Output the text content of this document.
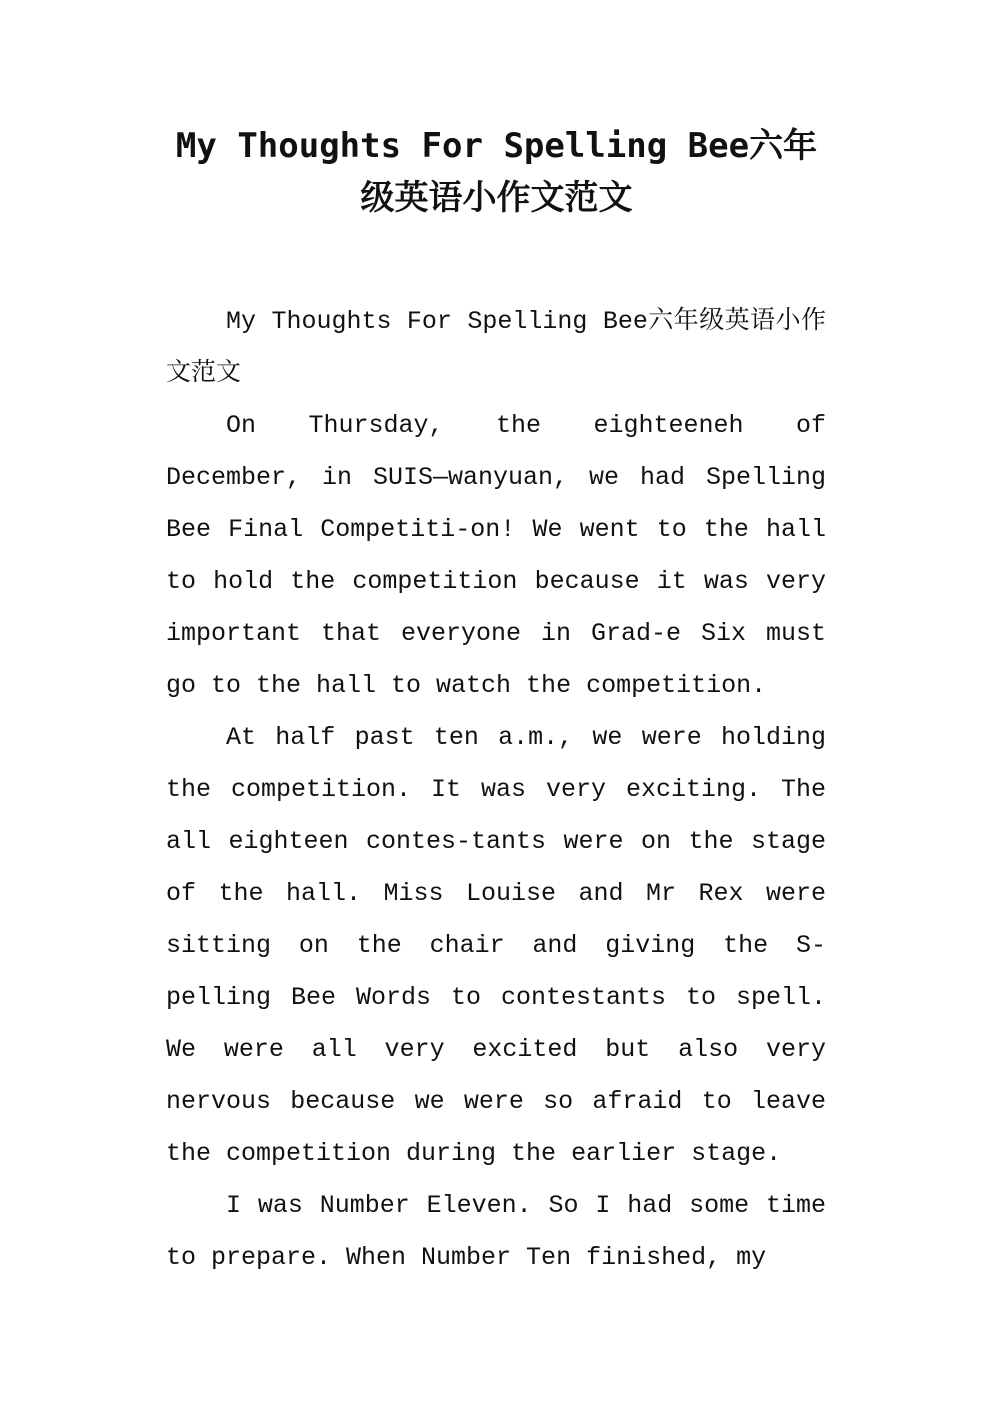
My Thoughts For Spelling Bee六年级英语小作文范文

My Thoughts For Spelling Bee六年级英语小作文范文

On Thursday, the eighteeneh of December, in SUIS—wanyuan, we had Spelling Bee Final Competiti-on! We went to the hall to hold the competition because it was very important that everyone in Grad-e Six must go to the hall to watch the competition.

At half past ten a.m., we were holding the competition. It was very exciting. The all eighteen contes-tants were on the stage of the hall. Miss Louise and Mr Rex were sitting on the chair and giving the S-pelling Bee Words to contestants to spell. We were all very excited but also very nervous because we were so afraid to leave the competition during the earlier stage.

I was Number Eleven. So I had some time to prepare. When Number Ten finished, my
